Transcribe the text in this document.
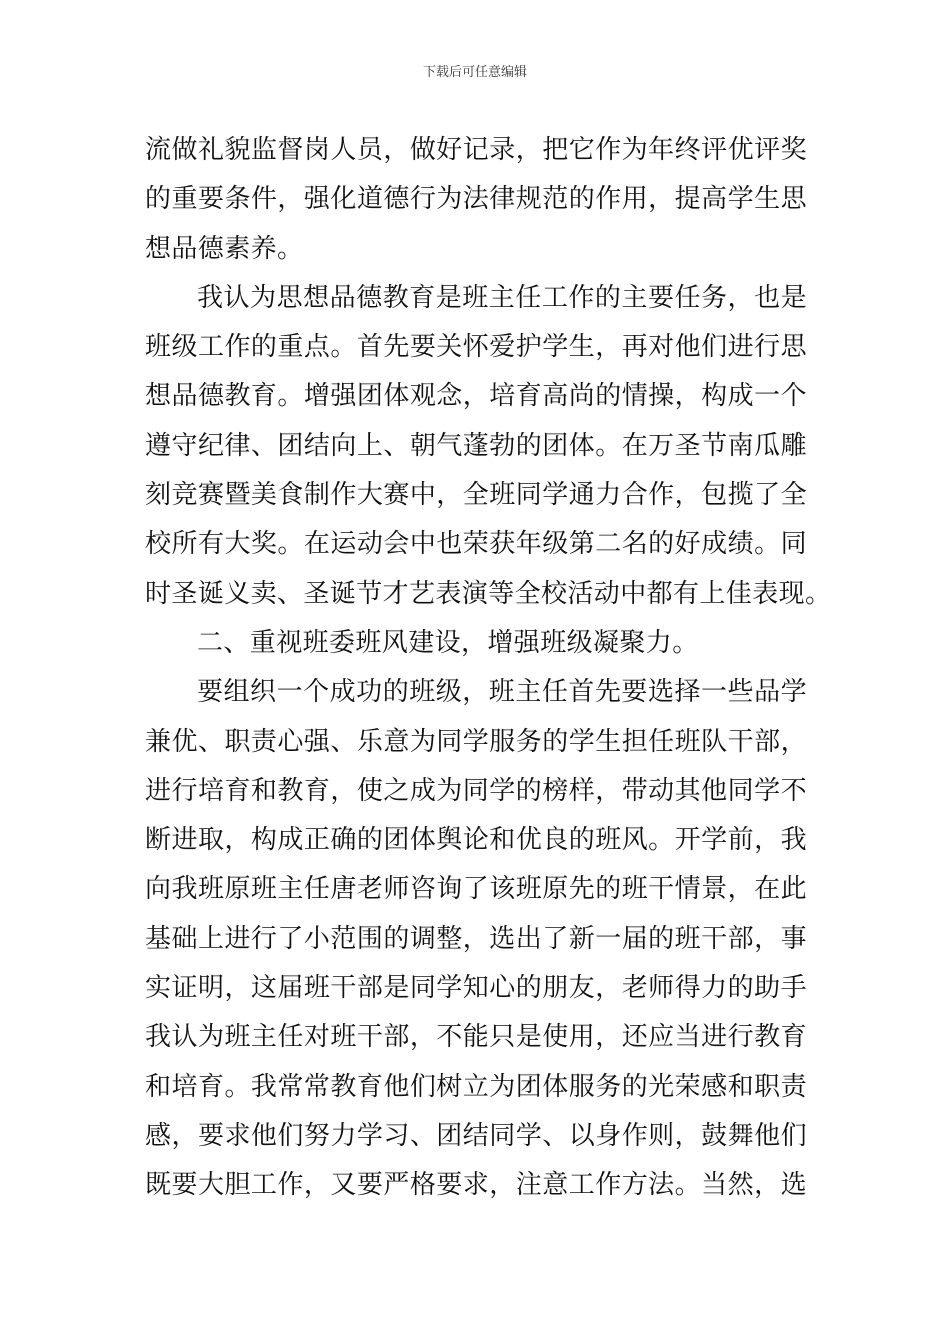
下载后可任意编辑
流做礼貌监督岗人员，做好记录，把它作为年终评优评奖
的重要条件，强化道德行为法律规范的作用，提高学生思
想品德素养。
我认为思想品德教育是班主任工作的主要任务，也是
班级工作的重点。首先要关怀爱护学生，再对他们进行思
想品德教育。增强团体观念，培育高尚的情操，构成一个
遵守纪律、团结向上、朝气蓬勃的团体。在万圣节南瓜雕
刻竞赛暨美食制作大赛中，全班同学通力合作，包揽了全
校所有大奖。在运动会中也荣获年级第二名的好成绩。同
时圣诞义卖、圣诞节才艺表演等全校活动中都有上佳表现。
二、重视班委班风建设，增强班级凝聚力。
要组织一个成功的班级，班主任首先要选择一些品学
兼优、职责心强、乐意为同学服务的学生担任班队干部，
进行培育和教育，使之成为同学的榜样，带动其他同学不
断进取，构成正确的团体舆论和优良的班风。开学前，我
向我班原班主任唐老师咨询了该班原先的班干情景，在此
基础上进行了小范围的调整，选出了新一届的班干部，事
实证明，这届班干部是同学知心的朋友，老师得力的助手
我认为班主任对班干部，不能只是使用，还应当进行教育
和培育。我常常教育他们树立为团体服务的光荣感和职责
感，要求他们努力学习、团结同学、以身作则，鼓舞他们
既要大胆工作，又要严格要求，注意工作方法。当然，选
